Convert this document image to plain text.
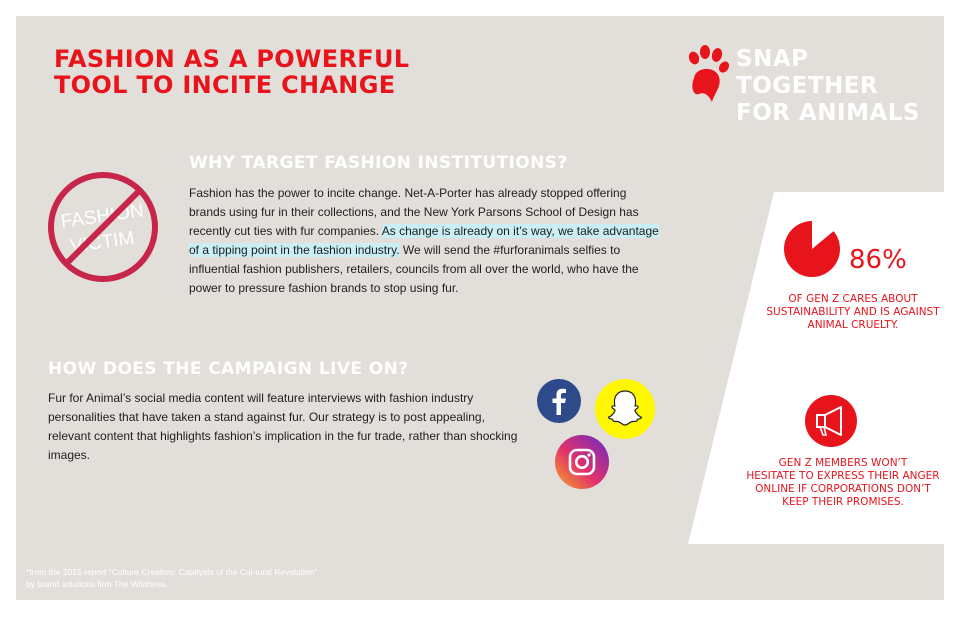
FASHION AS A POWERFUL
TOOL TO INCITE CHANGE
SNAP TOGETHER
FOR ANIMALS
FASHION
VICTIM
WHY TARGET FASHION INSTITUTIONS?

Fashion has the power to incite change. Net-A-Porter has already stopped offering brands using fur in their collections, and the New York Parsons School of Design has recently cut ties with fur companies. As change is already on it’s way, we take advantage of a tipping point in the fashion industry. We will send the #furforanimals selfies to influential fashion publishers, retailers, councils from all over the world, who have the power to pressure fashion brands to stop using fur.

HOW DOES THE CAMPAIGN LIVE ON?

Fur for Animal’s social media content will feature interviews with fashion industry personalities that have taken a stand against fur. Our strategy is to post appealing, relevant content that highlights fashion’s implication in the fur trade, rather than shocking images.

86%
OF GEN Z CARES ABOUT
SUSTAINABILITY AND IS AGAINST
ANIMAL CRUELTY.
GEN Z MEMBERS WON’T
HESITATE TO EXPRESS THEIR ANGER
ONLINE IF CORPORATIONS DON’T
KEEP THEIR PROMISES.
*from the 2015 report "Culture Creators: Catalysts of the Cul-tural Revolution" by brand solutions firm The Wildness.
